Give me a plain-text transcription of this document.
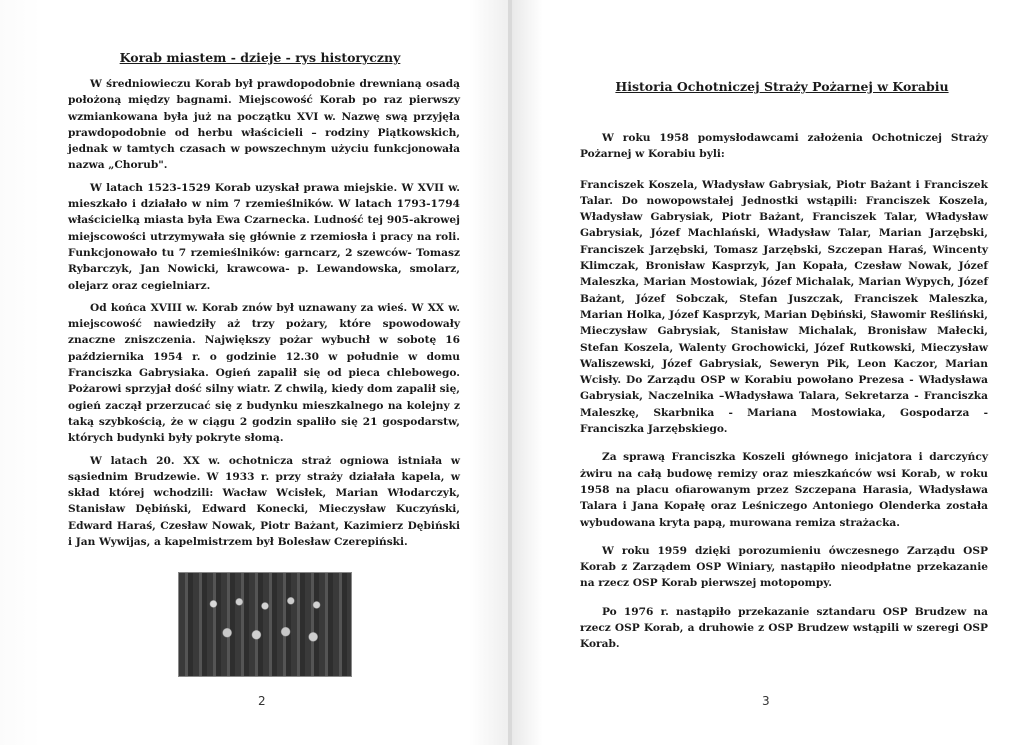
Korab miastem - dzieje - rys historyczny

W średniowieczu Korab był prawdopodobnie drewnianą osadą położoną między bagnami. Miejscowość Korab po raz pierwszy wzmiankowana była już na początku XVI w. Nazwę swą przyjęła prawdopodobnie od herbu właścicieli – rodziny Piątkowskich, jednak w tamtych czasach w powszechnym użyciu funkcjonowała nazwa „Chorub".

W latach 1523-1529 Korab uzyskał prawa miejskie. W XVII w. mieszkało i działało w nim 7 rzemieślników. W latach 1793-1794 właścicielką miasta była Ewa Czarnecka. Ludność tej 905-akrowej miejscowości utrzymywała się głównie z rzemiosła i pracy na roli. Funkcjonowało tu 7 rzemieślników: garncarz, 2 szewców- Tomasz Rybarczyk, Jan Nowicki, krawcowa- p. Lewandowska, smolarz, olejarz oraz cegielniarz.

Od końca XVIII w. Korab znów był uznawany za wieś. W XX w. miejscowość nawiedziły aż trzy pożary, które spowodowały znaczne zniszczenia. Największy pożar wybuchł w sobotę 16 października 1954 r. o godzinie 12.30 w południe w domu Franciszka Gabrysiaka. Ogień zapalił się od pieca chlebowego. Pożarowi sprzyjał dość silny wiatr. Z chwilą, kiedy dom zapalił się, ogień zaczął przerzucać się z budynku mieszkalnego na kolejny z taką szybkością, że w ciągu 2 godzin spaliło się 21 gospodarstw, których budynki były pokryte słomą.

W latach 20. XX w. ochotnicza straż ogniowa istniała w sąsiednim Brudzewie. W 1933 r. przy straży działała kapela, w skład której wchodzili: Wacław Wcisłek, Marian Włodarczyk, Stanisław Dębiński, Edward Konecki, Mieczysław Kuczyński, Edward Haraś, Czesław Nowak, Piotr Bażant, Kazimierz Dębiński i Jan Wywijas, a kapelmistrzem był Bolesław Czerepiński.

2

Historia Ochotniczej Straży Pożarnej w Korabiu

W roku 1958 pomysłodawcami założenia Ochotniczej Straży Pożarnej w Korabiu byli:

Franciszek Koszela, Władysław Gabrysiak, Piotr Bażant i Franciszek Talar. Do nowopowstałej Jednostki wstąpili: Franciszek Koszela, Władysław Gabrysiak, Piotr Bażant, Franciszek Talar, Władysław Gabrysiak, Józef Machlański, Władysław Talar, Marian Jarzębski, Franciszek Jarzębski, Tomasz Jarzębski, Szczepan Haraś, Wincenty Klimczak, Bronisław Kasprzyk, Jan Kopała, Czesław Nowak, Józef Maleszka, Marian Mostowiak, Józef Michalak, Marian Wypych, Józef Bażant, Józef Sobczak, Stefan Juszczak, Franciszek Maleszka, Marian Holka, Józef Kasprzyk, Marian Dębiński, Sławomir Reśliński, Mieczysław Gabrysiak, Stanisław Michalak, Bronisław Małecki, Stefan Koszela, Walenty Grochowicki, Józef Rutkowski, Mieczysław Waliszewski, Józef Gabrysiak, Seweryn Pik, Leon Kaczor, Marian Wcisły. Do Zarządu OSP w Korabiu powołano Prezesa - Władysława Gabrysiak, Naczelnika –Władysława Talara, Sekretarza - Franciszka Maleszkę, Skarbnika - Mariana Mostowiaka, Gospodarza - Franciszka Jarzębskiego.

Za sprawą Franciszka Koszeli głównego inicjatora i darczyńcy żwiru na całą budowę remizy oraz mieszkańców wsi Korab, w roku 1958 na placu ofiarowanym przez Szczepana Harasia, Władysława Talara i Jana Kopałę oraz Leśniczego Antoniego Olenderka została wybudowana kryta papą, murowana remiza strażacka.

W roku 1959 dzięki porozumieniu ówczesnego Zarządu OSP Korab z Zarządem OSP Winiary, nastąpiło nieodpłatne przekazanie na rzecz OSP Korab pierwszej motopompy.

Po 1976 r. nastąpiło przekazanie sztandaru OSP Brudzew na rzecz OSP Korab, a druhowie z OSP Brudzew wstąpili w szeregi OSP Korab.

3
